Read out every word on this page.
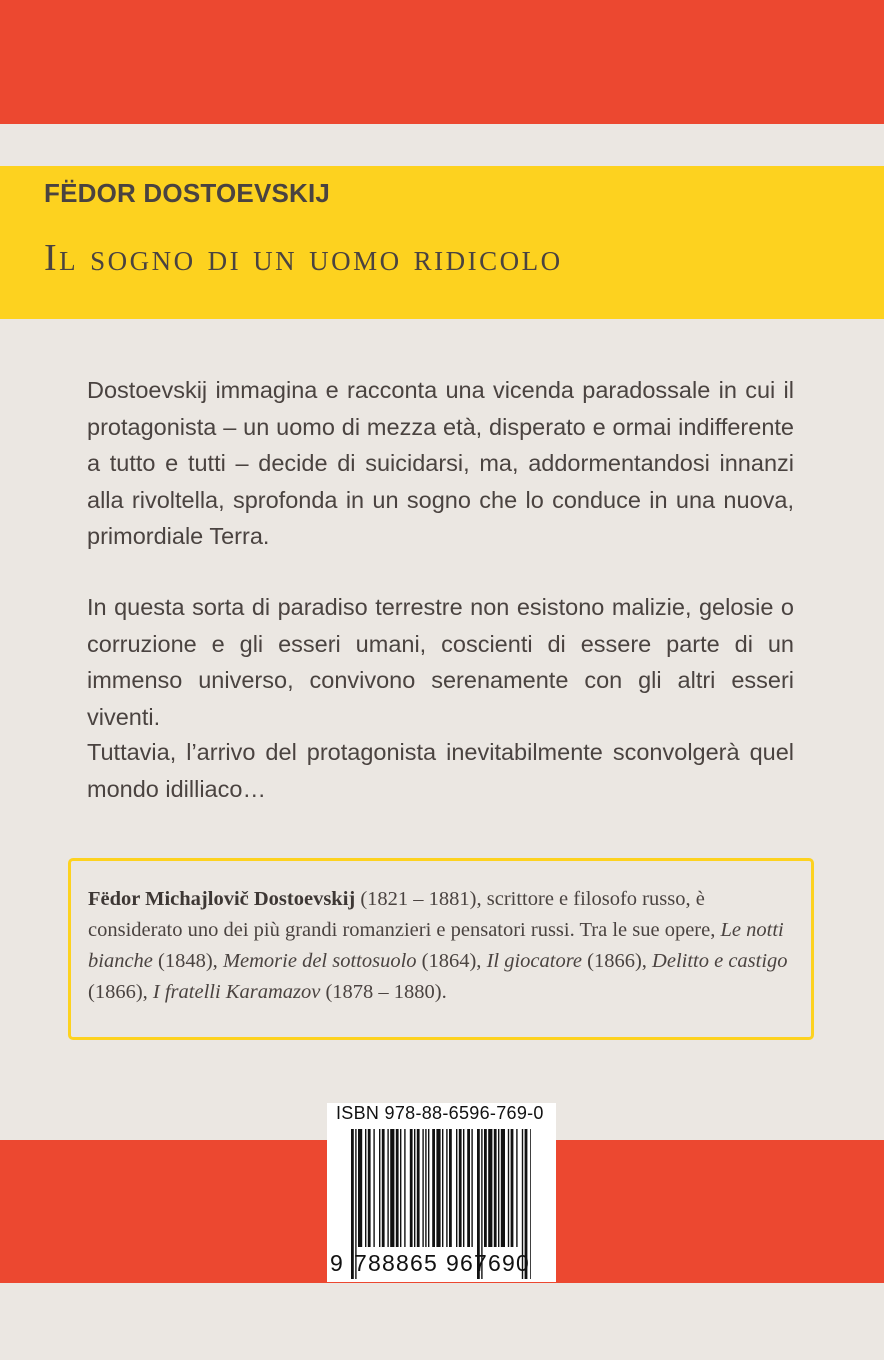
FËDOR DOSTOEVSKIJ
Il sogno di un uomo ridicolo

Dostoevskij immagina e racconta una vicenda paradossale in cui il protagonista – un uomo di mezza età, disperato e ormai indifferente a tutto e tutti – decide di suicidarsi, ma, addormentandosi innanzi alla rivoltella, sprofonda in un sogno che lo conduce in una nuova, primordiale Terra.

In questa sorta di paradiso terrestre non esistono malizie, gelosie o corruzione e gli esseri umani, coscienti di essere parte di un immenso universo, convivono serenamente con gli altri esseri viventi.

Tuttavia, l’arrivo del protagonista inevitabilmente sconvolgerà quel mondo idilliaco…

Fëdor Michajlovič Dostoevskij (1821 – 1881), scrittore e filosofo russo, è considerato uno dei più grandi romanzieri e pensatori russi. Tra le sue opere, Le notti bianche (1848), Memorie del sottosuolo (1864), Il giocatore (1866), Delitto e castigo (1866), I fratelli Karamazov (1878 – 1880).

ISBN 978-88-6596-769-0
9 788865 967690
